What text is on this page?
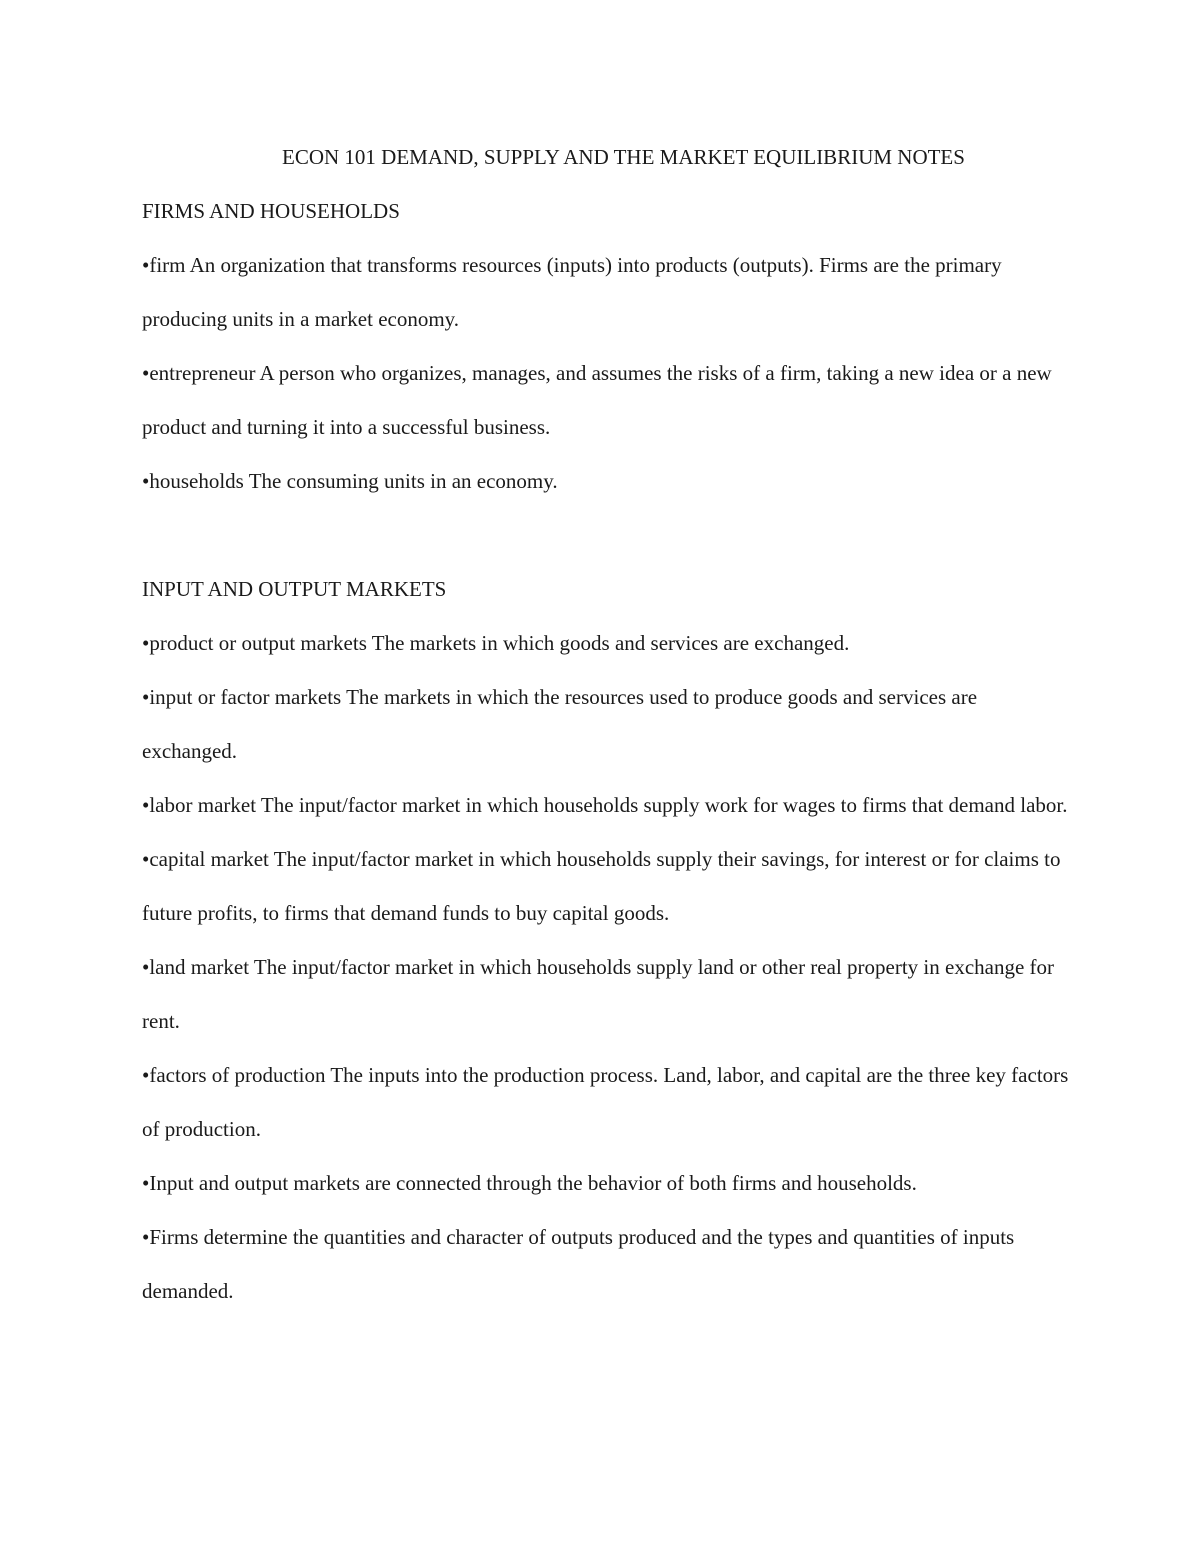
ECON 101 DEMAND, SUPPLY AND THE MARKET EQUILIBRIUM NOTES
FIRMS AND HOUSEHOLDS

•firm An organization that transforms resources (inputs) into products (outputs). Firms are the primary producing units in a market economy.

•entrepreneur A person who organizes, manages, and assumes the risks of a firm, taking a new idea or a new product and turning it into a successful business.

•households The consuming units in an economy.

INPUT AND OUTPUT MARKETS

•product or output markets The markets in which goods and services are exchanged.

•input or factor markets The markets in which the resources used to produce goods and services are exchanged.

•labor market The input/factor market in which households supply work for wages to firms that demand labor.

•capital market The input/factor market in which households supply their savings, for interest or for claims to future profits, to firms that demand funds to buy capital goods.

•land market The input/factor market in which households supply land or other real property in exchange for rent.

•factors of production The inputs into the production process. Land, labor, and capital are the three key factors of production.

•Input and output markets are connected through the behavior of both firms and households.

•Firms determine the quantities and character of outputs produced and the types and quantities of inputs demanded.
